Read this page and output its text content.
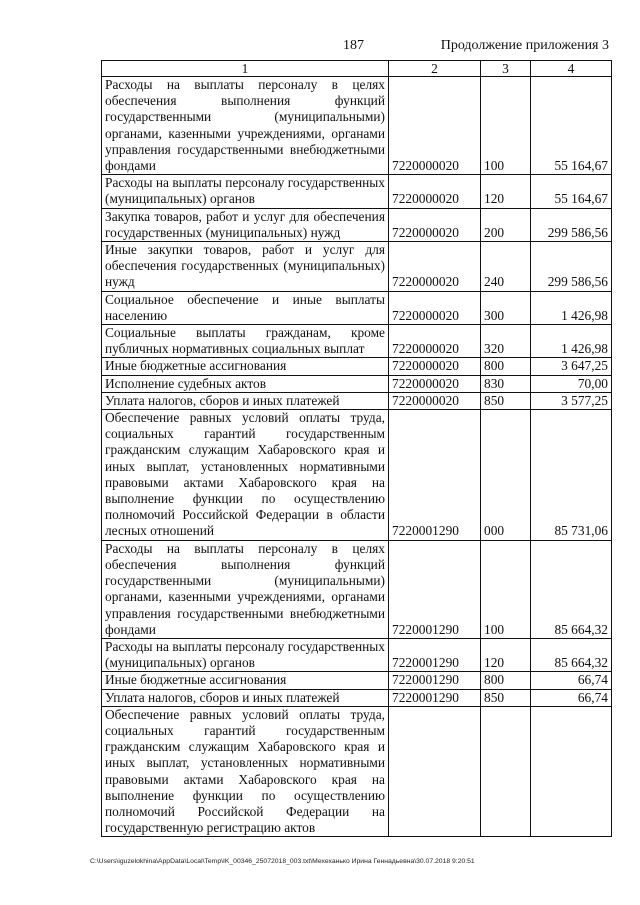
187	Продолжение приложения 3
1	2	3	4
Расходы на выплаты персоналу в целях обеспечения выполнения функций государственными (муниципальными) органами, казенными учреждениями, органами управления государственными внебюджетными фондами	7220000020	100	55 164,67
Расходы на выплаты персоналу государственных (муниципальных) органов	7220000020	120	55 164,67
Закупка товаров, работ и услуг для обеспечения государственных (муниципальных) нужд	7220000020	200	299 586,56
Иные закупки товаров, работ и услуг для обеспечения государственных (муниципальных) нужд	7220000020	240	299 586,56
Социальное обеспечение и иные выплаты населению	7220000020	300	1 426,98
Социальные выплаты гражданам, кроме публичных нормативных социальных выплат	7220000020	320	1 426,98
Иные бюджетные ассигнования	7220000020	800	3 647,25
Исполнение судебных актов	7220000020	830	70,00
Уплата налогов, сборов и иных платежей	7220000020	850	3 577,25
Обеспечение равных условий оплаты труда, социальных гарантий государственным гражданским служащим Хабаровского края и иных выплат, установленных нормативными правовыми актами Хабаровского края на выполнение функции по осуществлению полномочий Российской Федерации в области лесных отношений	7220001290	000	85 731,06
Расходы на выплаты персоналу в целях обеспечения выполнения функций государственными (муниципальными) органами, казенными учреждениями, органами управления государственными внебюджетными фондами	7220001290	100	85 664,32
Расходы на выплаты персоналу государственных (муниципальных) органов	7220001290	120	85 664,32
Иные бюджетные ассигнования	7220001290	800	66,74
Уплата налогов, сборов и иных платежей	7220001290	850	66,74
Обеспечение равных условий оплаты труда, социальных гарантий государственным гражданским служащим Хабаровского края и иных выплат, установленных нормативными правовыми актами Хабаровского края на выполнение функции по осуществлению полномочий Российской Федерации на государственную регистрацию актов			
C:\Users\iguzelokhina\AppData\Local\Temp\IK_00346_25072018_003.txt\Мехеханько Ирина Геннадьевна\30.07.2018 9:20:51
